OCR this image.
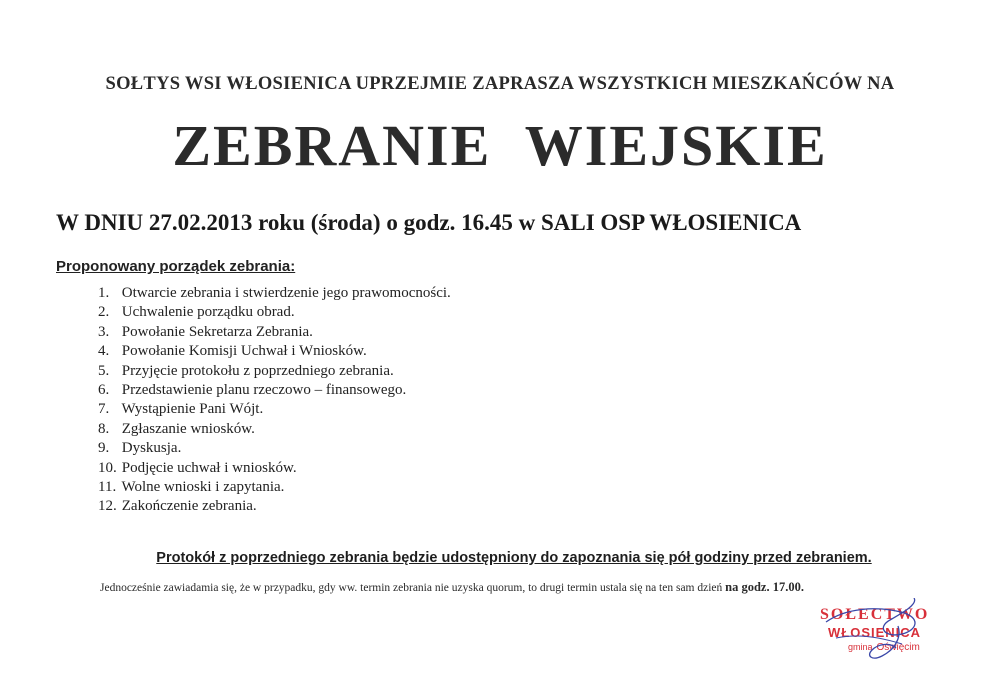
SOŁTYS WSI WŁOSIENICA UPRZEJMIE ZAPRASZA WSZYSTKICH MIESZKAŃCÓW NA
ZEBRANIE WIEJSKIE
W DNIU 27.02.2013 roku (środa) o godz. 16.45 w SALI OSP WŁOSIENICA
Proponowany porządek zebrania:
1. Otwarcie zebrania i stwierdzenie jego prawomocności.
2. Uchwalenie porządku obrad.
3. Powołanie Sekretarza Zebrania.
4. Powołanie Komisji Uchwał i Wniosków.
5. Przyjęcie protokołu z poprzedniego zebrania.
6. Przedstawienie planu rzeczowo – finansowego.
7. Wystąpienie Pani Wójt.
8. Zgłaszanie wniosków.
9. Dyskusja.
10. Podjęcie uchwał i wniosków.
11. Wolne wnioski i zapytania.
12. Zakończenie zebrania.
Protokół z poprzedniego zebrania będzie udostępniony do zapoznania się pół godziny przed zebraniem.
Jednocześnie zawiadamia się, że w przypadku, gdy ww. termin zebrania nie uzyska quorum, to drugi termin ustala się na ten sam dzień na godz. 17.00.
SOŁECTWO
WŁOSIENICA
gmina Oświęcim
